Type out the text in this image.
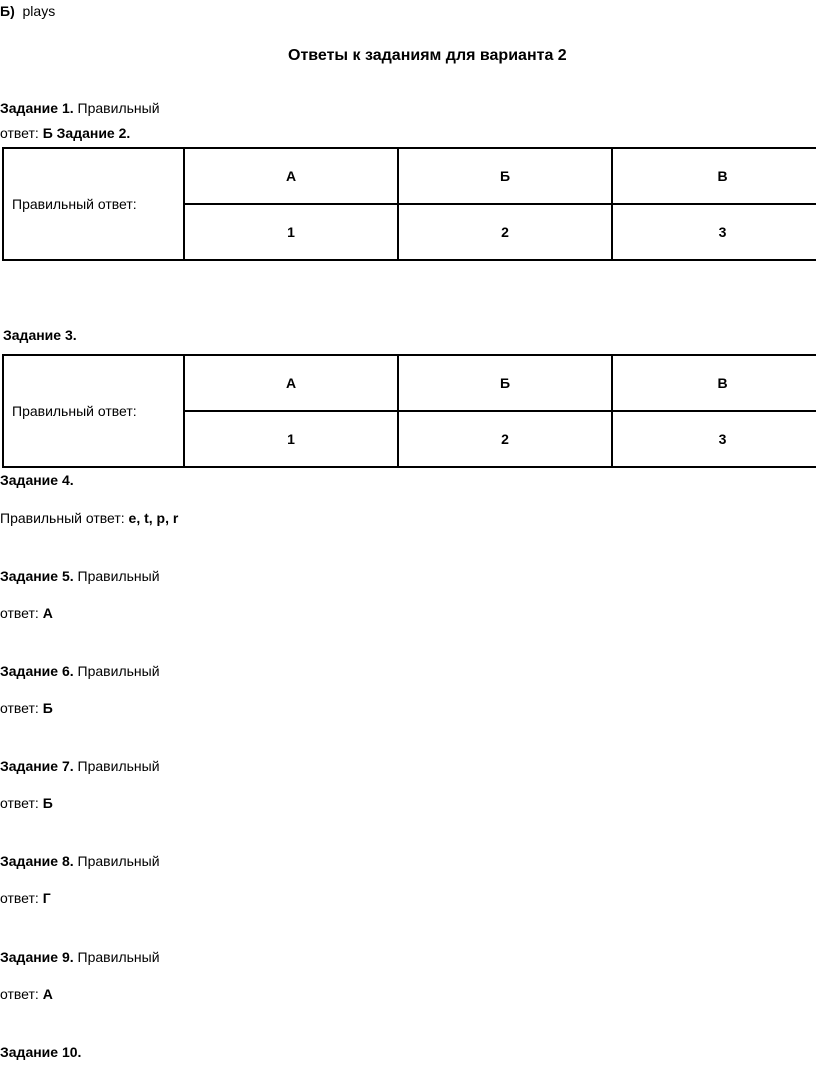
Б) plays
Ответы к заданиям для варианта 2
Задание 1. Правильный
ответ: Б Задание 2.
Правильный ответ:	А	Б	В
	1	2	3
Задание 3.
Правильный ответ:	А	Б	В
	1	2	3
Задание 4.
Правильный ответ: e, t, p, r
Задание 5. Правильный
ответ: А
Задание 6. Правильный
ответ: Б
Задание 7. Правильный
ответ: Б
Задание 8. Правильный
ответ: Г
Задание 9. Правильный
ответ: А
Задание 10.
